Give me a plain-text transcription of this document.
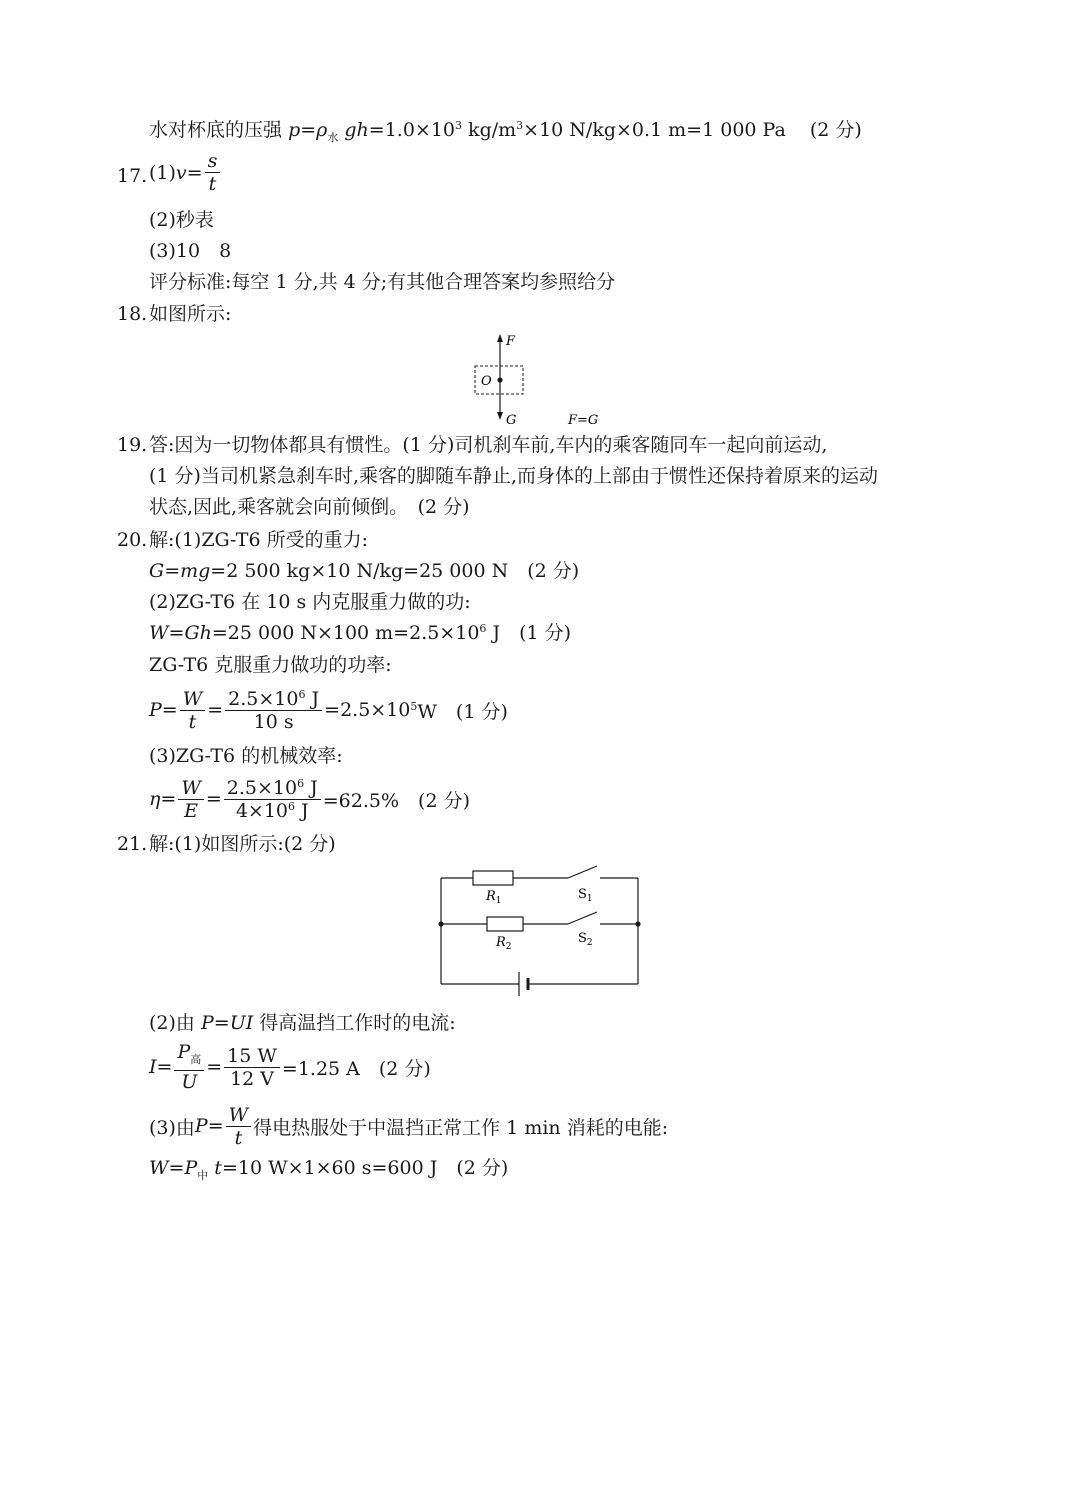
水对杯底的压强 $p=\rho_水$ $gh=1.0\times 10^3$ $kg/m^3\times 10$ N/kg×0.1 m=1 000 Pa (2 分)
17. (1) $v = \frac{s}{t}$
(2)秒表
(3)10　8
评分标准:每空 1 分,共 4 分;有其他合理答案均参照给分
18. 如图所示:
F
O
G	F=G
19. 答:因为一切物体都具有惯性。(1 分)司机刹车前,车内的乘客随同车一起向前运动,
(1 分)当司机紧急刹车时,乘客的脚随车静止,而身体的上部由于惯性还保持着原来的运动
状态,因此,乘客就会向前倾倒。　(2 分)
20. 解:(1)ZG-T6 所受的重力:
G=mg=2 500 kg×10 N/kg=25 000 N　(2 分)
(2)ZG-T6 在 10 s 内克服重力做的功:
W=Gh=25 000 N×100 $m=2.5\times 10^6$ J　(1 分)
ZG-T6 克服重力做功的功率:
$P = \frac{W}{t} = \frac{2.5\times 10^6 J}{10 s} =2.5\times 10^5$ W　(1 分)
(3)ZG-T6 的机械效率:
$\eta = \frac{W}{E} = \frac{2.5\times 10^6 J}{4\times 10^6 J} =62.5\%$　(2 分)
21. 解:(1)如图所示:(2 分)
$R_1$	$S_1$
$R_2$
$S_2$
(2)由 P=UI 得高温挡工作时的电流:
$I = \frac{P_高}{U} = \frac{15 W}{12 V} =1.25$ A　(2 分)
(3)由 $P = \frac{W}{t}$ 得电热服处于中温挡正常工作 1 min 消耗的电能:
$W=P_中$ t=10 W×1×60 s=600 J　(2 分)
